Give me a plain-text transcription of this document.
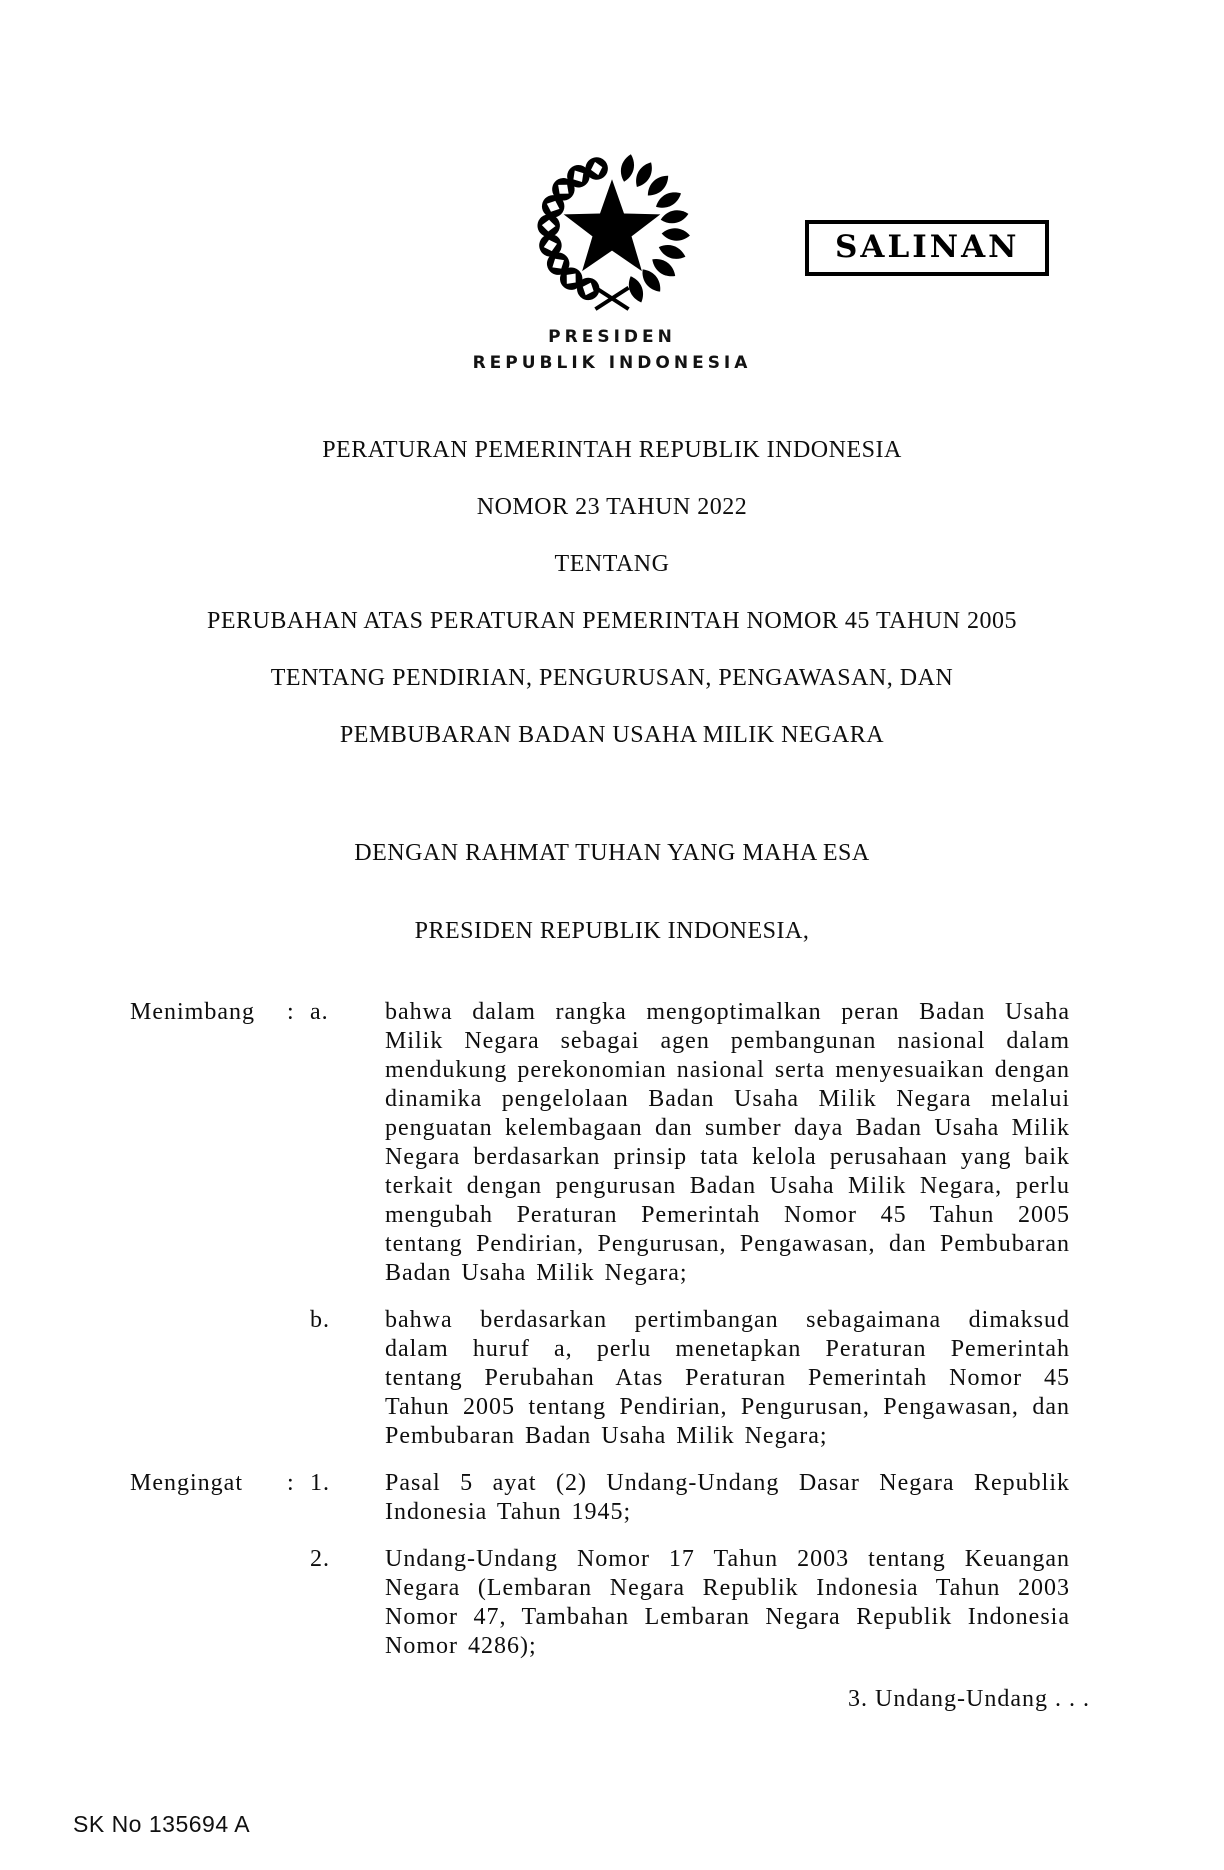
SALINAN
PRESIDEN
REPUBLIK INDONESIA
PERATURAN PEMERINTAH REPUBLIK INDONESIA
NOMOR 23 TAHUN 2022
TENTANG
PERUBAHAN ATAS PERATURAN PEMERINTAH NOMOR 45 TAHUN 2005
TENTANG PENDIRIAN, PENGURUSAN, PENGAWASAN, DAN
PEMBUBARAN BADAN USAHA MILIK NEGARA
DENGAN RAHMAT TUHAN YANG MAHA ESA
PRESIDEN REPUBLIK INDONESIA,
Menimbang	: a.	bahwa dalam rangka mengoptimalkan peran Badan Usaha Milik Negara sebagai agen pembangunan nasional dalam mendukung perekonomian nasional serta menyesuaikan dengan dinamika pengelolaan Badan Usaha Milik Negara melalui penguatan kelembagaan dan sumber daya Badan Usaha Milik Negara berdasarkan prinsip tata kelola perusahaan yang baik terkait dengan pengurusan Badan Usaha Milik Negara, perlu mengubah Peraturan Pemerintah Nomor 45 Tahun 2005 tentang Pendirian, Pengurusan, Pengawasan, dan Pembubaran Badan Usaha Milik Negara;
b.	bahwa berdasarkan pertimbangan sebagaimana dimaksud dalam huruf a, perlu menetapkan Peraturan Pemerintah tentang Perubahan Atas Peraturan Pemerintah Nomor 45 Tahun 2005 tentang Pendirian, Pengurusan, Pengawasan, dan Pembubaran Badan Usaha Milik Negara;
Mengingat	: 1.	Pasal 5 ayat (2) Undang-Undang Dasar Negara Republik Indonesia Tahun 1945;
2.	Undang-Undang Nomor 17 Tahun 2003 tentang Keuangan Negara (Lembaran Negara Republik Indonesia Tahun 2003 Nomor 47, Tambahan Lembaran Negara Republik Indonesia Nomor 4286);
3. Undang-Undang . . .
SK No 135694 A
